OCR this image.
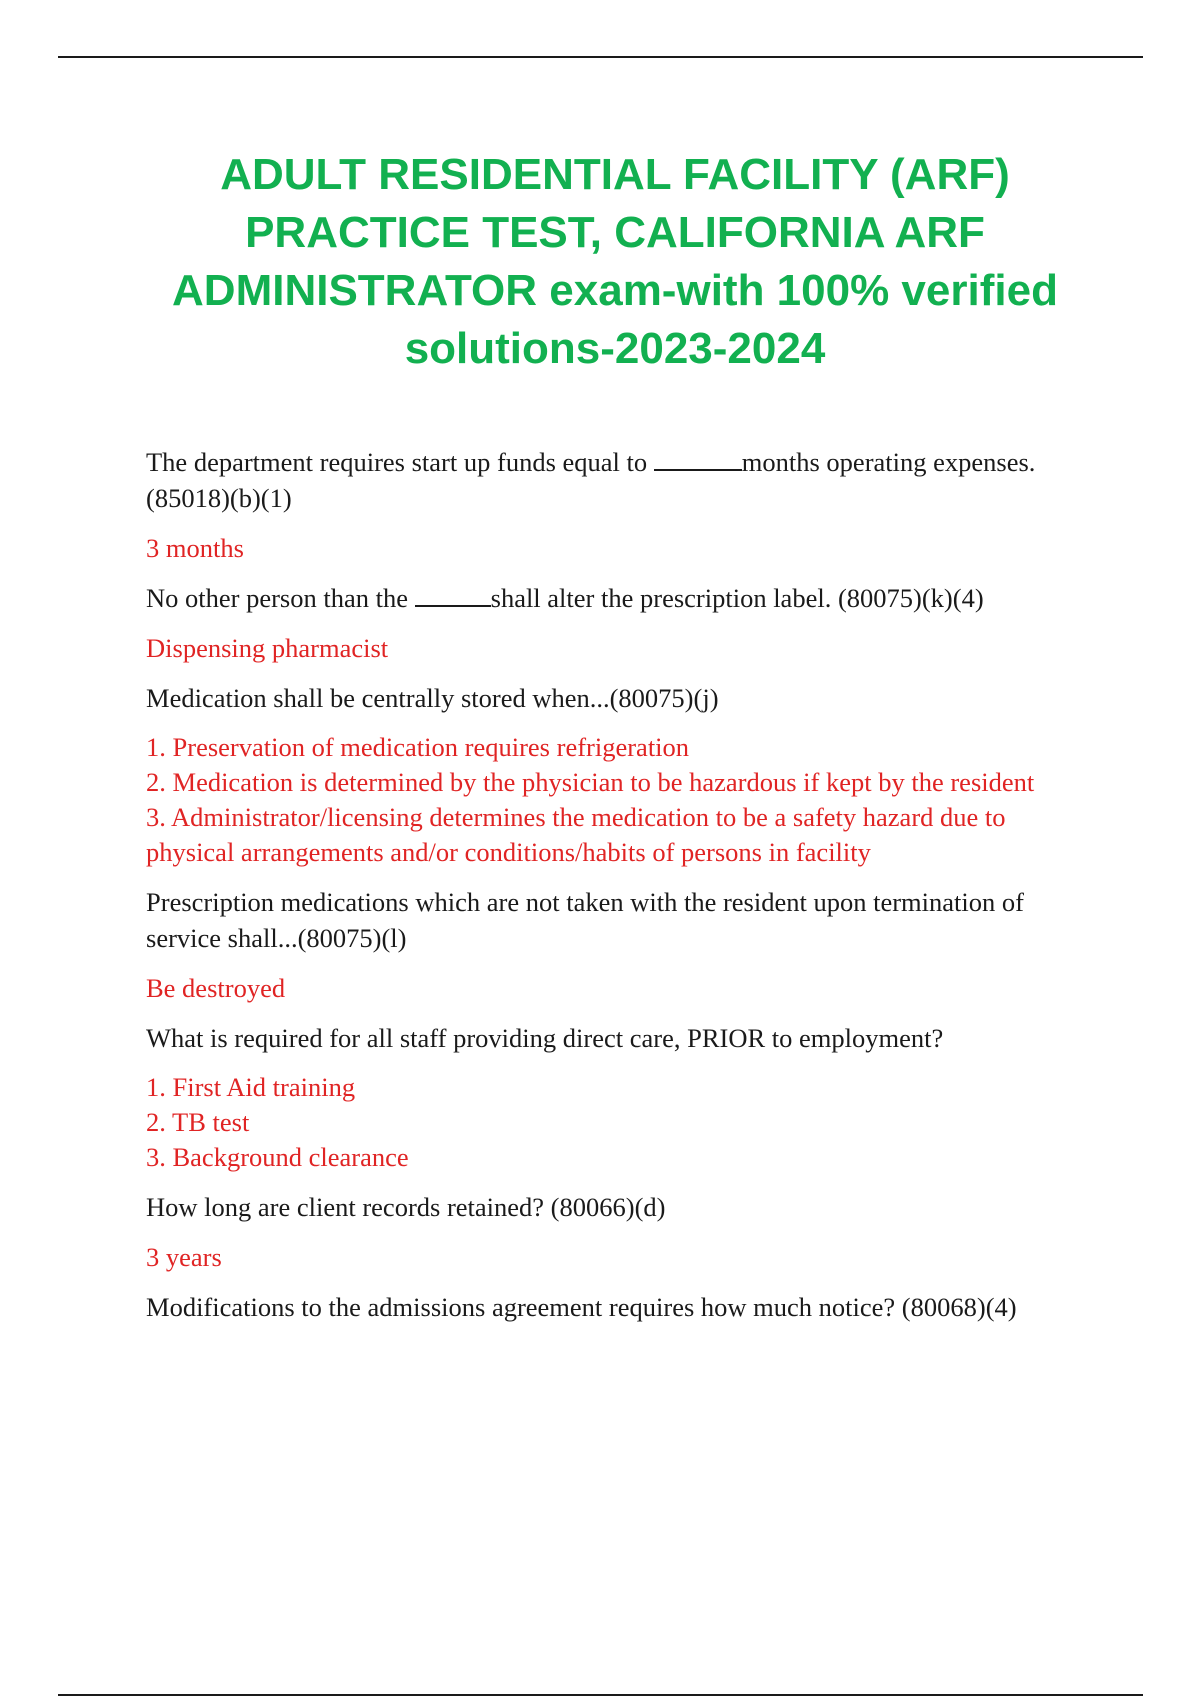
ADULT RESIDENTIAL FACILITY (ARF)
PRACTICE TEST, CALIFORNIA ARF
ADMINISTRATOR exam-with 100% verified
solutions-2023-2024

The department requires start up funds equal to	months operating expenses. (85018)(b)(1)

3 months

No other person than the	shall alter the prescription label. (80075)(k)(4)

Dispensing pharmacist

Medication shall be centrally stored when...(80075)(j)

1. Preservation of medication requires refrigeration
2. Medication is determined by the physician to be hazardous if kept by the resident
3. Administrator/licensing determines the medication to be a safety hazard due to physical arrangements and/or conditions/habits of persons in facility

Prescription medications which are not taken with the resident upon termination of service shall...(80075)(l)

Be destroyed

What is required for all staff providing direct care, PRIOR to employment?

1. First Aid training
2. TB test
3. Background clearance

How long are client records retained? (80066)(d)

3 years

Modifications to the admissions agreement requires how much notice? (80068)(4)
